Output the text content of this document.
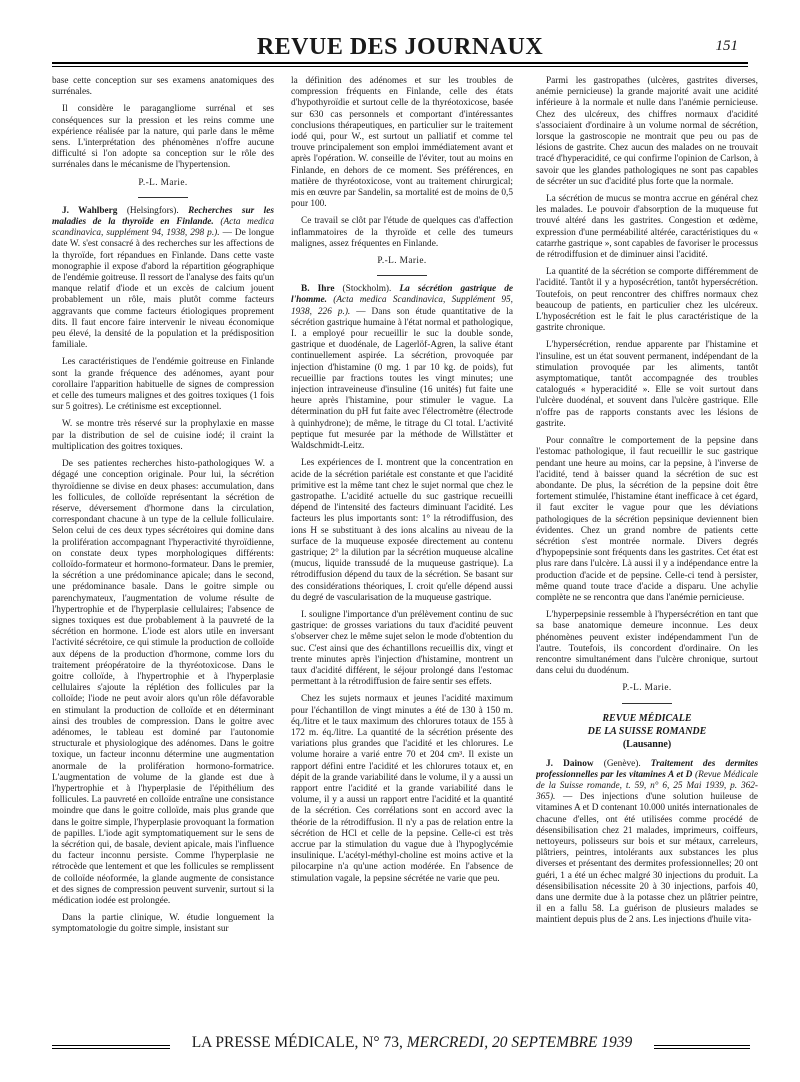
REVUE DES JOURNAUX	151

base cette conception sur ses examens anatomiques des surrénales.

Il considère le paragangliome surrénal et ses conséquences sur la pression et les reins comme une expérience réalisée par la nature, qui parle dans le même sens. L'interprétation des phénomènes n'offre aucune difficulté si l'on adopte sa conception sur le rôle des surrénales dans le mécanisme de l'hypertension.

P.-L. Marie.

J. Wahlberg (Helsingfors). Recherches sur les maladies de la thyroïde en Finlande. (Acta medica scandinavica, supplément 94, 1938, 298 p.). — De longue date W. s'est consacré à des recherches sur les affections de la thyroïde, fort répandues en Finlande. Dans cette vaste monographie il expose d'abord la répartition géographique de l'endémie goitreuse. Il ressort de l'analyse des faits qu'un manque relatif d'iode et un excès de calcium jouent probablement un rôle, mais plutôt comme facteurs aggravants que comme facteurs étiologiques proprement dits. Il faut encore faire intervenir le niveau économique peu élevé, la densité de la population et la prédisposition familiale.

Les caractéristiques de l'endémie goitreuse en Finlande sont la grande fréquence des adénomes, ayant pour corollaire l'apparition habituelle de signes de compression et celle des tumeurs malignes et des goitres toxiques (1 fois sur 5 goitres). Le crétinisme est exceptionnel.

W. se montre très réservé sur la prophylaxie en masse par la distribution de sel de cuisine iodé; il craint la multiplication des goitres toxiques.

De ses patientes recherches histo-pathologiques W. a dégagé une conception originale. Pour lui, la sécrétion thyroïdienne se divise en deux phases: accumulation, dans les follicules, de colloïde représentant la sécrétion de réserve, déversement d'hormone dans la circulation, correspondant chacune à un type de la cellule folliculaire. Selon celui de ces deux types sécrétoires qui domine dans la prolifération accompagnant l'hyperactivité thyroïdienne, on constate deux types morphologiques différents: colloïdo-formateur et hormono-formateur. Dans le premier, la sécrétion a une prédominance apicale; dans le second, une prédominance basale. Dans le goitre simple ou parenchymateux, l'augmentation de volume résulte de l'hypertrophie et de l'hyperplasie cellulaires; l'absence de signes toxiques est due probablement à la pauvreté de la sécrétion en hormone. L'iode est alors utile en inversant l'activité sécrétoire, ce qui stimule la production de colloïde aux dépens de la production d'hormone, comme lors du traitement préopératoire de la thyréotoxicose. Dans le goitre colloïde, à l'hypertrophie et à l'hyperplasie cellulaires s'ajoute la réplétion des follicules par la colloïde; l'iode ne peut avoir alors qu'un rôle défavorable en stimulant la production de colloïde et en déterminant ainsi des troubles de compression. Dans le goitre avec adénomes, le tableau est dominé par l'autonomie structurale et physiologique des adénomes. Dans le goitre toxique, un facteur inconnu détermine une augmentation anormale de la prolifération hormono-formatrice. L'augmentation de volume de la glande est due à l'hypertrophie et à l'hyperplasie de l'épithélium des follicules. La pauvreté en colloïde entraîne une consistance moindre que dans le goitre colloïde, mais plus grande que dans le goitre simple, l'hyperplasie provoquant la formation de papilles. L'iode agit symptomatiquement sur le sens de la sécrétion qui, de basale, devient apicale, mais l'influence du facteur inconnu persiste. Comme l'hyperplasie ne rétrocède que lentement et que les follicules se remplissent de colloïde néoformée, la glande augmente de consistance et des signes de compression peuvent survenir, surtout si la médication iodée est prolongée.

Dans la partie clinique, W. étudie longuement la symptomatologie du goitre simple, insistant sur

la définition des adénomes et sur les troubles de compression fréquents en Finlande, celle des états d'hypothyroïdie et surtout celle de la thyréotoxicose, basée sur 630 cas personnels et comportant d'intéressantes conclusions thérapeutiques, en particulier sur le traitement iodé qui, pour W., est surtout un palliatif et comme tel trouve principalement son emploi immédiatement avant et après l'opération. W. conseille de l'éviter, tout au moins en Finlande, en dehors de ce moment. Ses préférences, en matière de thyréotoxicose, vont au traitement chirurgical; mis en œuvre par Sandelin, sa mortalité est de moins de 0,5 pour 100.

Ce travail se clôt par l'étude de quelques cas d'affection inflammatoires de la thyroïde et celle des tumeurs malignes, assez fréquentes en Finlande.

P.-L. Marie.

B. Ihre (Stockholm). La sécrétion gastrique de l'homme. (Acta medica Scandinavica, Supplément 95, 1938, 226 p.). — Dans son étude quantitative de la sécrétion gastrique humaine à l'état normal et pathologique, I. a employé pour recueillir le suc la double sonde, gastrique et duodénale, de Lagerlöf-Agren, la salive étant continuellement aspirée. La sécrétion, provoquée par injection d'histamine (0 mg. 1 par 10 kg. de poids), fut recueillie par fractions toutes les vingt minutes; une injection intraveineuse d'insuline (16 unités) fut faite une heure après l'histamine, pour stimuler le vague. La détermination du pH fut faite avec l'électromètre (électrode à quinhydrone); de même, le titrage du Cl total. L'activité peptique fut mesurée par la méthode de Willstätter et Waldschmidt-Leitz.

Les expériences de I. montrent que la concentration en acide de la sécrétion pariétale est constante et que l'acidité primitive est la même tant chez le sujet normal que chez le gastropathe. L'acidité actuelle du suc gastrique recueilli dépend de l'intensité des facteurs diminuant l'acidité. Les facteurs les plus importants sont: 1° la rétrodiffusion, des ions H se substituant à des ions alcalins au niveau de la surface de la muqueuse exposée directement au contenu gastrique; 2° la dilution par la sécrétion muqueuse alcaline (mucus, liquide transsudé de la muqueuse gastrique). La rétrodiffusion dépend du taux de la sécrétion. Se basant sur des considérations théoriques, I. croit qu'elle dépend aussi du degré de vascularisation de la muqueuse gastrique.

I. souligne l'importance d'un prélèvement continu de suc gastrique: de grosses variations du taux d'acidité peuvent s'observer chez le même sujet selon le mode d'obtention du suc. C'est ainsi que des échantillons recueillis dix, vingt et trente minutes après l'injection d'histamine, montrent un taux d'acidité différent, le séjour prolongé dans l'estomac permettant à la rétrodiffusion de faire sentir ses effets.

Chez les sujets normaux et jeunes l'acidité maximum pour l'échantillon de vingt minutes a été de 130 à 150 m. éq./litre et le taux maximum des chlorures totaux de 155 à 172 m. éq./litre. La quantité de la sécrétion présente des variations plus grandes que l'acidité et les chlorures. Le volume horaire a varié entre 70 et 204 cm³. Il existe un rapport défini entre l'acidité et les chlorures totaux et, en dépit de la grande variabilité dans le volume, il y a aussi un rapport entre l'acidité et la grande variabilité dans le volume, il y a aussi un rapport entre l'acidité et la quantité de la sécrétion. Ces corrélations sont en accord avec la théorie de la rétrodiffusion. Il n'y a pas de relation entre la sécrétion de HCl et celle de la pepsine. Celle-ci est très accrue par la stimulation du vague due à l'hypoglycémie insulinique. L'acétyl-méthyl-choline est moins active et la pilocarpine n'a qu'une action modérée. En l'absence de stimulation vagale, la pepsine sécrétée ne varie que peu.

Parmi les gastropathes (ulcères, gastrites diverses, anémie pernicieuse) la grande majorité avait une acidité inférieure à la normale et nulle dans l'anémie pernicieuse. Chez des ulcéreux, des chiffres normaux d'acidité s'associaient d'ordinaire à un volume normal de sécrétion, lorsque la gastroscopie ne montrait que peu ou pas de lésions de gastrite. Chez aucun des malades on ne trouvait tracé d'hyperacidité, ce qui confirme l'opinion de Carlson, à savoir que les glandes pathologiques ne sont pas capables de sécréter un suc d'acidité plus forte que la normale.

La sécrétion de mucus se montra accrue en général chez les malades. Le pouvoir d'absorption de la muqueuse fut trouvé altéré dans les gastrites. Congestion et œdème, expression d'une perméabilité altérée, caractéristiques du « catarrhe gastrique », sont capables de favoriser le processus de rétrodiffusion et de diminuer ainsi l'acidité.

La quantité de la sécrétion se comporte différemment de l'acidité. Tantôt il y a hyposécrétion, tantôt hypersécrétion. Toutefois, on peut rencontrer des chiffres normaux chez beaucoup de patients, en particulier chez les ulcéreux. L'hyposécrétion est le fait le plus caractéristique de la gastrite chronique.

L'hypersécrétion, rendue apparente par l'histamine et l'insuline, est un état souvent permanent, indépendant de la stimulation provoquée par les aliments, tantôt asymptomatique, tantôt accompagnée des troubles catalogués « hyperacidité ». Elle se voit surtout dans l'ulcère duodénal, et souvent dans l'ulcère gastrique. Elle n'offre pas de rapports constants avec les lésions de gastrite.

Pour connaître le comportement de la pepsine dans l'estomac pathologique, il faut recueillir le suc gastrique pendant une heure au moins, car la pepsine, à l'inverse de l'acidité, tend à baisser quand la sécrétion de suc est abondante. De plus, la sécrétion de la pepsine doit être fortement stimulée, l'histamine étant inefficace à cet égard, il faut exciter le vague pour que les déviations pathologiques de la sécrétion pepsinique deviennent bien évidentes. Chez un grand nombre de patients cette sécrétion s'est montrée normale. Divers degrés d'hypopepsinie sont fréquents dans les gastrites. Cet état est plus rare dans l'ulcère. Là aussi il y a indépendance entre la production d'acide et de pepsine. Celle-ci tend à persister, même quand toute trace d'acide a disparu. Une achylie complète ne se rencontra que dans l'anémie pernicieuse.

L'hyperpepsinie ressemble à l'hypersécrétion en tant que sa base anatomique demeure inconnue. Les deux phénomènes peuvent exister indépendamment l'un de l'autre. Toutefois, ils concordent d'ordinaire. On les rencontre simultanément dans l'ulcère chronique, surtout dans celui du duodénum.

P.-L. Marie.

REVUE MÉDICALE
DE LA SUISSE ROMANDE
(Lausanne)

J. Dainow (Genève). Traitement des dermites professionnelles par les vitamines A et D (Revue Médicale de la Suisse romande, t. 59, n° 6, 25 Mai 1939, p. 362-365). — Des injections d'une solution huileuse de vitamines A et D contenant 10.000 unités internationales de chacune d'elles, ont été utilisées comme procédé de désensibilisation chez 21 malades, imprimeurs, coiffeurs, nettoyeurs, polisseurs sur bois et sur métaux, carreleurs, plâtriers, peintres, intolérants aux substances les plus diverses et présentant des dermites professionnelles; 20 ont guéri, 1 a été un échec malgré 30 injections du produit. La désensibilisation nécessite 20 à 30 injections, parfois 40, dans une dermite due à la potasse chez un plâtrier peintre, il en a fallu 58. La guérison de plusieurs malades se maintient depuis plus de 2 ans. Les injections d'huile vita-

LA PRESSE MÉDICALE, N° 73, MERCREDI, 20 SEPTEMBRE 1939
